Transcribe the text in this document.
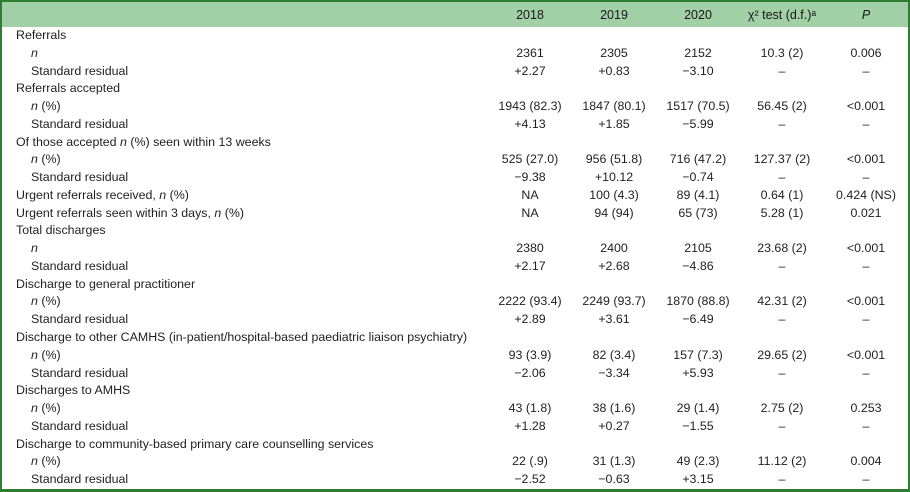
	2018	2019	2020	χ² test (d.f.)ᵃ	P
Referrals					
n	2361	2305	2152	10.3 (2)	0.006
Standard residual	+2.27	+0.83	−3.10	–	–
Referrals accepted					
n (%)	1943 (82.3)	1847 (80.1)	1517 (70.5)	56.45 (2)	<0.001
Standard residual	+4.13	+1.85	−5.99	–	–
Of those accepted n (%) seen within 13 weeks					
n (%)	525 (27.0)	956 (51.8)	716 (47.2)	127.37 (2)	<0.001
Standard residual	−9.38	+10.12	−0.74	–	–
Urgent referrals received, n (%)	NA	100 (4.3)	89 (4.1)	0.64 (1)	0.424 (NS)
Urgent referrals seen within 3 days, n (%)	NA	94 (94)	65 (73)	5.28 (1)	0.021
Total discharges					
n	2380	2400	2105	23.68 (2)	<0.001
Standard residual	+2.17	+2.68	−4.86	–	–
Discharge to general practitioner					
n (%)	2222 (93.4)	2249 (93.7)	1870 (88.8)	42.31 (2)	<0.001
Standard residual	+2.89	+3.61	−6.49	–	–
Discharge to other CAMHS (in-patient/hospital-based paediatric liaison psychiatry)					
n (%)	93 (3.9)	82 (3.4)	157 (7.3)	29.65 (2)	<0.001
Standard residual	−2.06	−3.34	+5.93	–	–
Discharges to AMHS					
n (%)	43 (1.8)	38 (1.6)	29 (1.4)	2.75 (2)	0.253
Standard residual	+1.28	+0.27	−1.55	–	–
Discharge to community-based primary care counselling services					
n (%)	22 (.9)	31 (1.3)	49 (2.3)	11.12 (2)	0.004
Standard residual	−2.52	−0.63	+3.15	–	–
